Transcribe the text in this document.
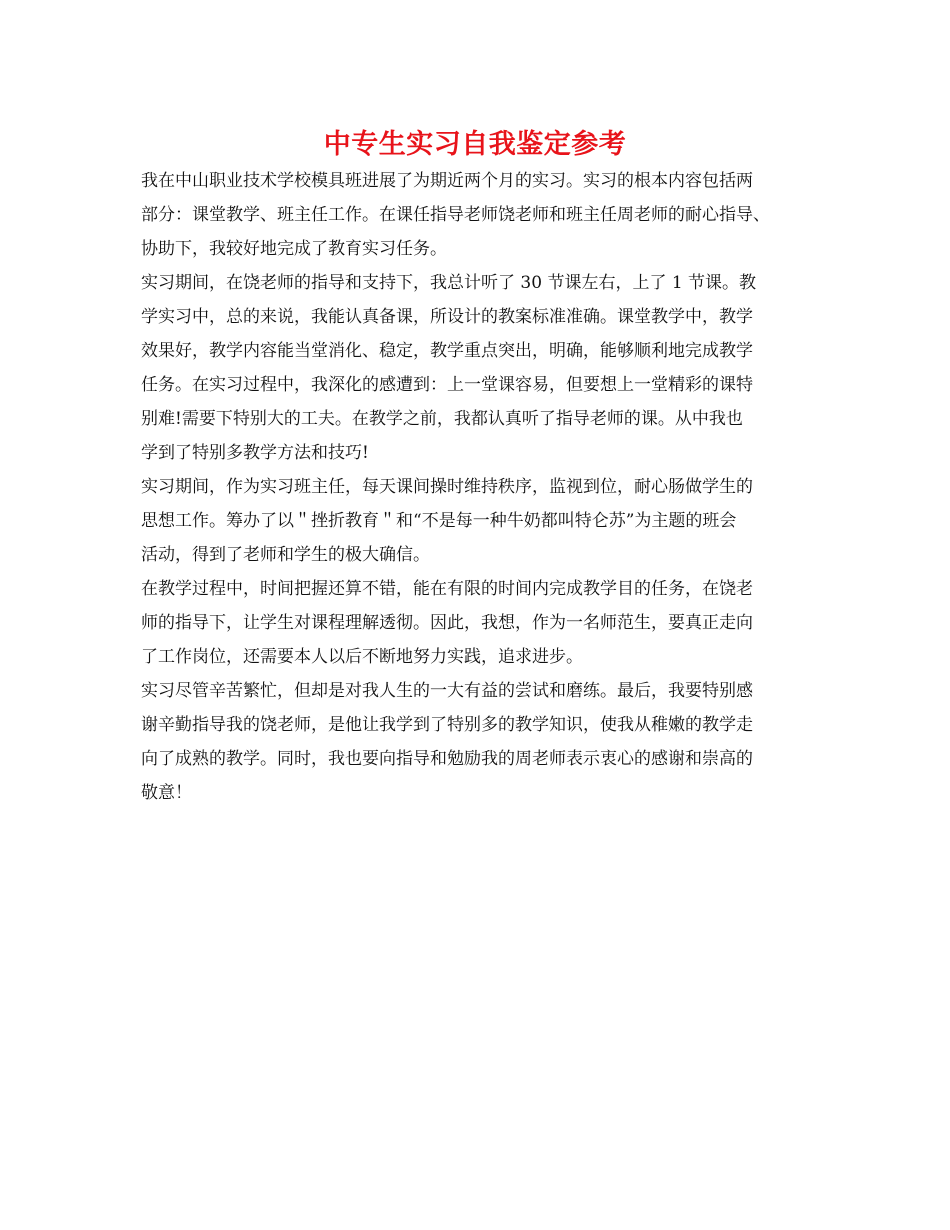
中专生实习自我鉴定参考
我在中山职业技术学校模具班进展了为期近两个月的实习。实习的根本内容包括两
部分：课堂教学、班主任工作。在课任指导老师饶老师和班主任周老师的耐心指导、
协助下，我较好地完成了教育实习任务。
实习期间，在饶老师的指导和支持下，我总计听了 30 节课左右，上了 1 节课。教
学实习中，总的来说，我能认真备课，所设计的教案标准准确。课堂教学中，教学
效果好，教学内容能当堂消化、稳定，教学重点突出，明确，能够顺利地完成教学
任务。在实习过程中，我深化的感遭到：上一堂课容易，但要想上一堂精彩的课特
别难!需要下特别大的工夫。在教学之前，我都认真听了指导老师的课。从中我也
学到了特别多教学方法和技巧!
实习期间，作为实习班主任，每天课间操时维持秩序，监视到位，耐心肠做学生的
思想工作。筹办了以＂挫折教育＂和“不是每一种牛奶都叫特仑苏”为主题的班会
活动，得到了老师和学生的极大确信。
在教学过程中，时间把握还算不错，能在有限的时间内完成教学目的任务，在饶老
师的指导下，让学生对课程理解透彻。因此，我想，作为一名师范生，要真正走向
了工作岗位，还需要本人以后不断地努力实践，追求进步。
实习尽管辛苦繁忙，但却是对我人生的一大有益的尝试和磨练。最后，我要特别感
谢辛勤指导我的饶老师，是他让我学到了特别多的教学知识，使我从稚嫩的教学走
向了成熟的教学。同时，我也要向指导和勉励我的周老师表示衷心的感谢和崇高的
敬意！
